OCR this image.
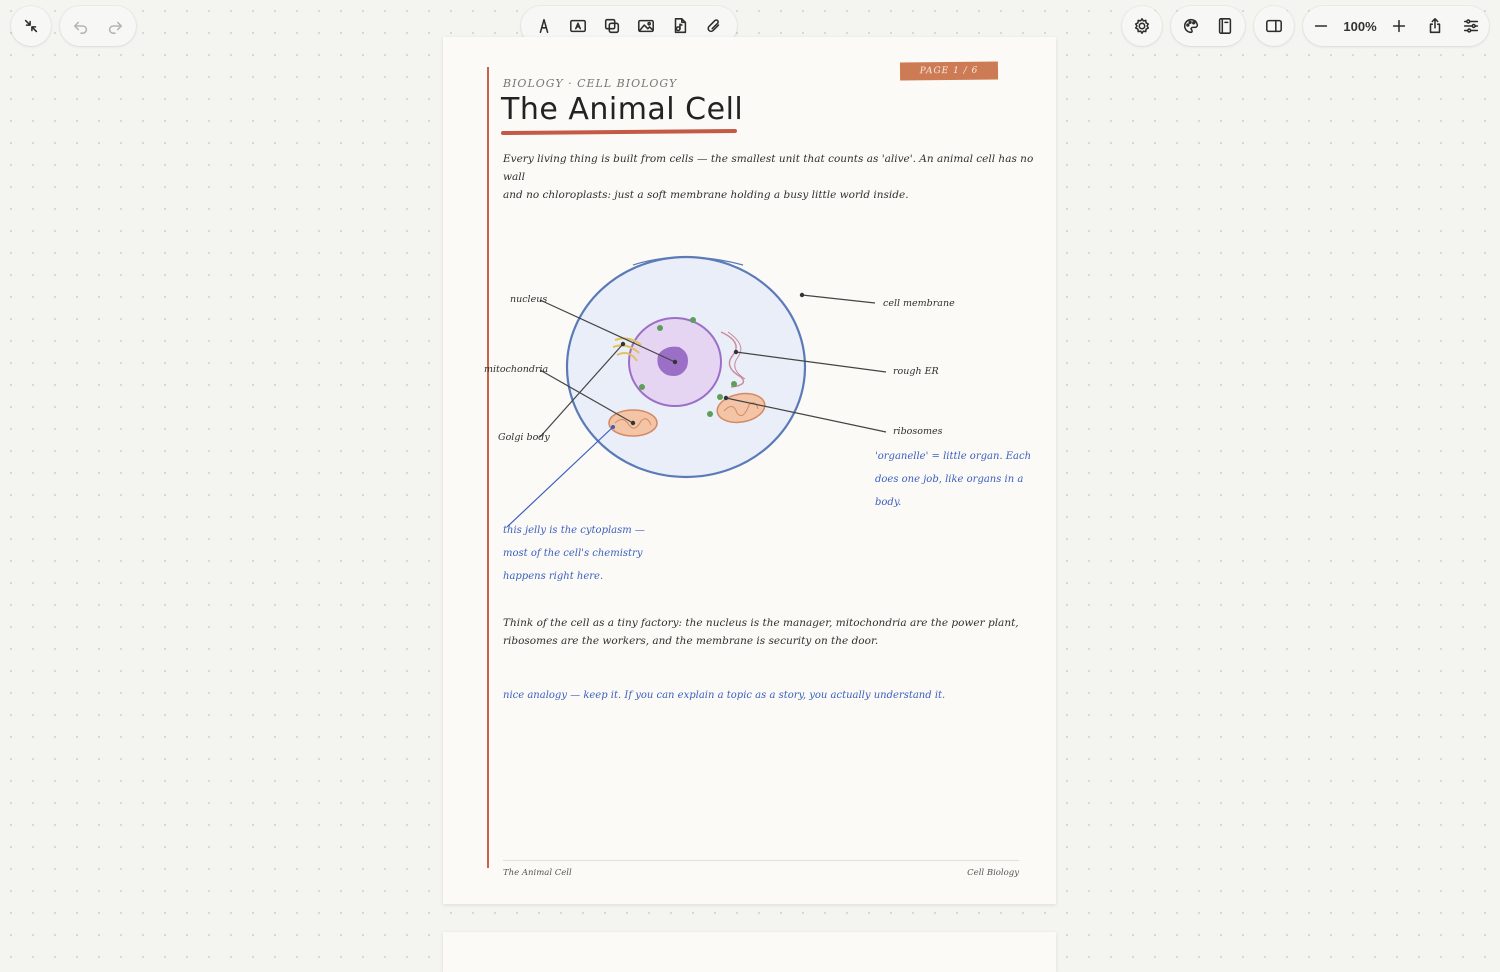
100%
BIOLOGY · CELL BIOLOGY
PAGE 1 / 6
The Animal Cell
Every living thing is built from cells — the smallest unit that counts as 'alive'. An animal cell has no wall
and no chloroplasts: just a soft membrane holding a busy little world inside.
nucleus
mitochondria
Golgi body
cell membrane
rough ER
ribosomes
'organelle' = little organ. Each
does one job, like organs in a
body.
this jelly is the cytoplasm —
most of the cell's chemistry
happens right here.
Think of the cell as a tiny factory: the nucleus is the manager, mitochondria are the power plant,
ribosomes are the workers, and the membrane is security on the door.
nice analogy — keep it. If you can explain a topic as a story, you actually understand it.
The Animal Cell	Cell Biology
